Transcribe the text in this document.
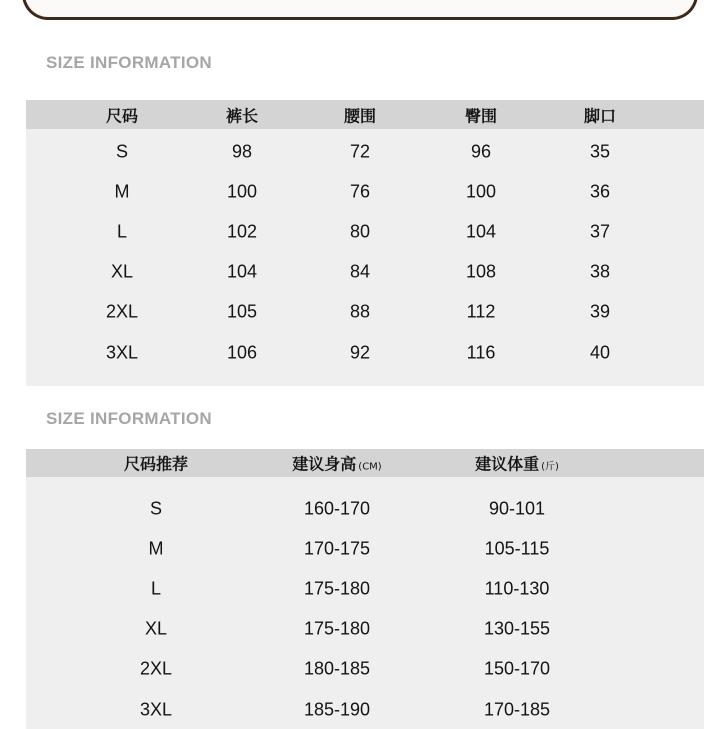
SIZE INFORMATION
尺码	裤长	腰围	臀围	脚口
S	98	72	96	35
M	100	76	100	36
L	102	80	104	37
XL	104	84	108	38
2XL	105	88	112	39
3XL	106	92	116	40
SIZE INFORMATION
尺码推荐	建议身高 (CM)	建议体重 (斤)
S	160-170	90-101
M	170-175	105-115
L	175-180	110-130
XL	175-180	130-155
2XL	180-185	150-170
3XL	185-190	170-185
